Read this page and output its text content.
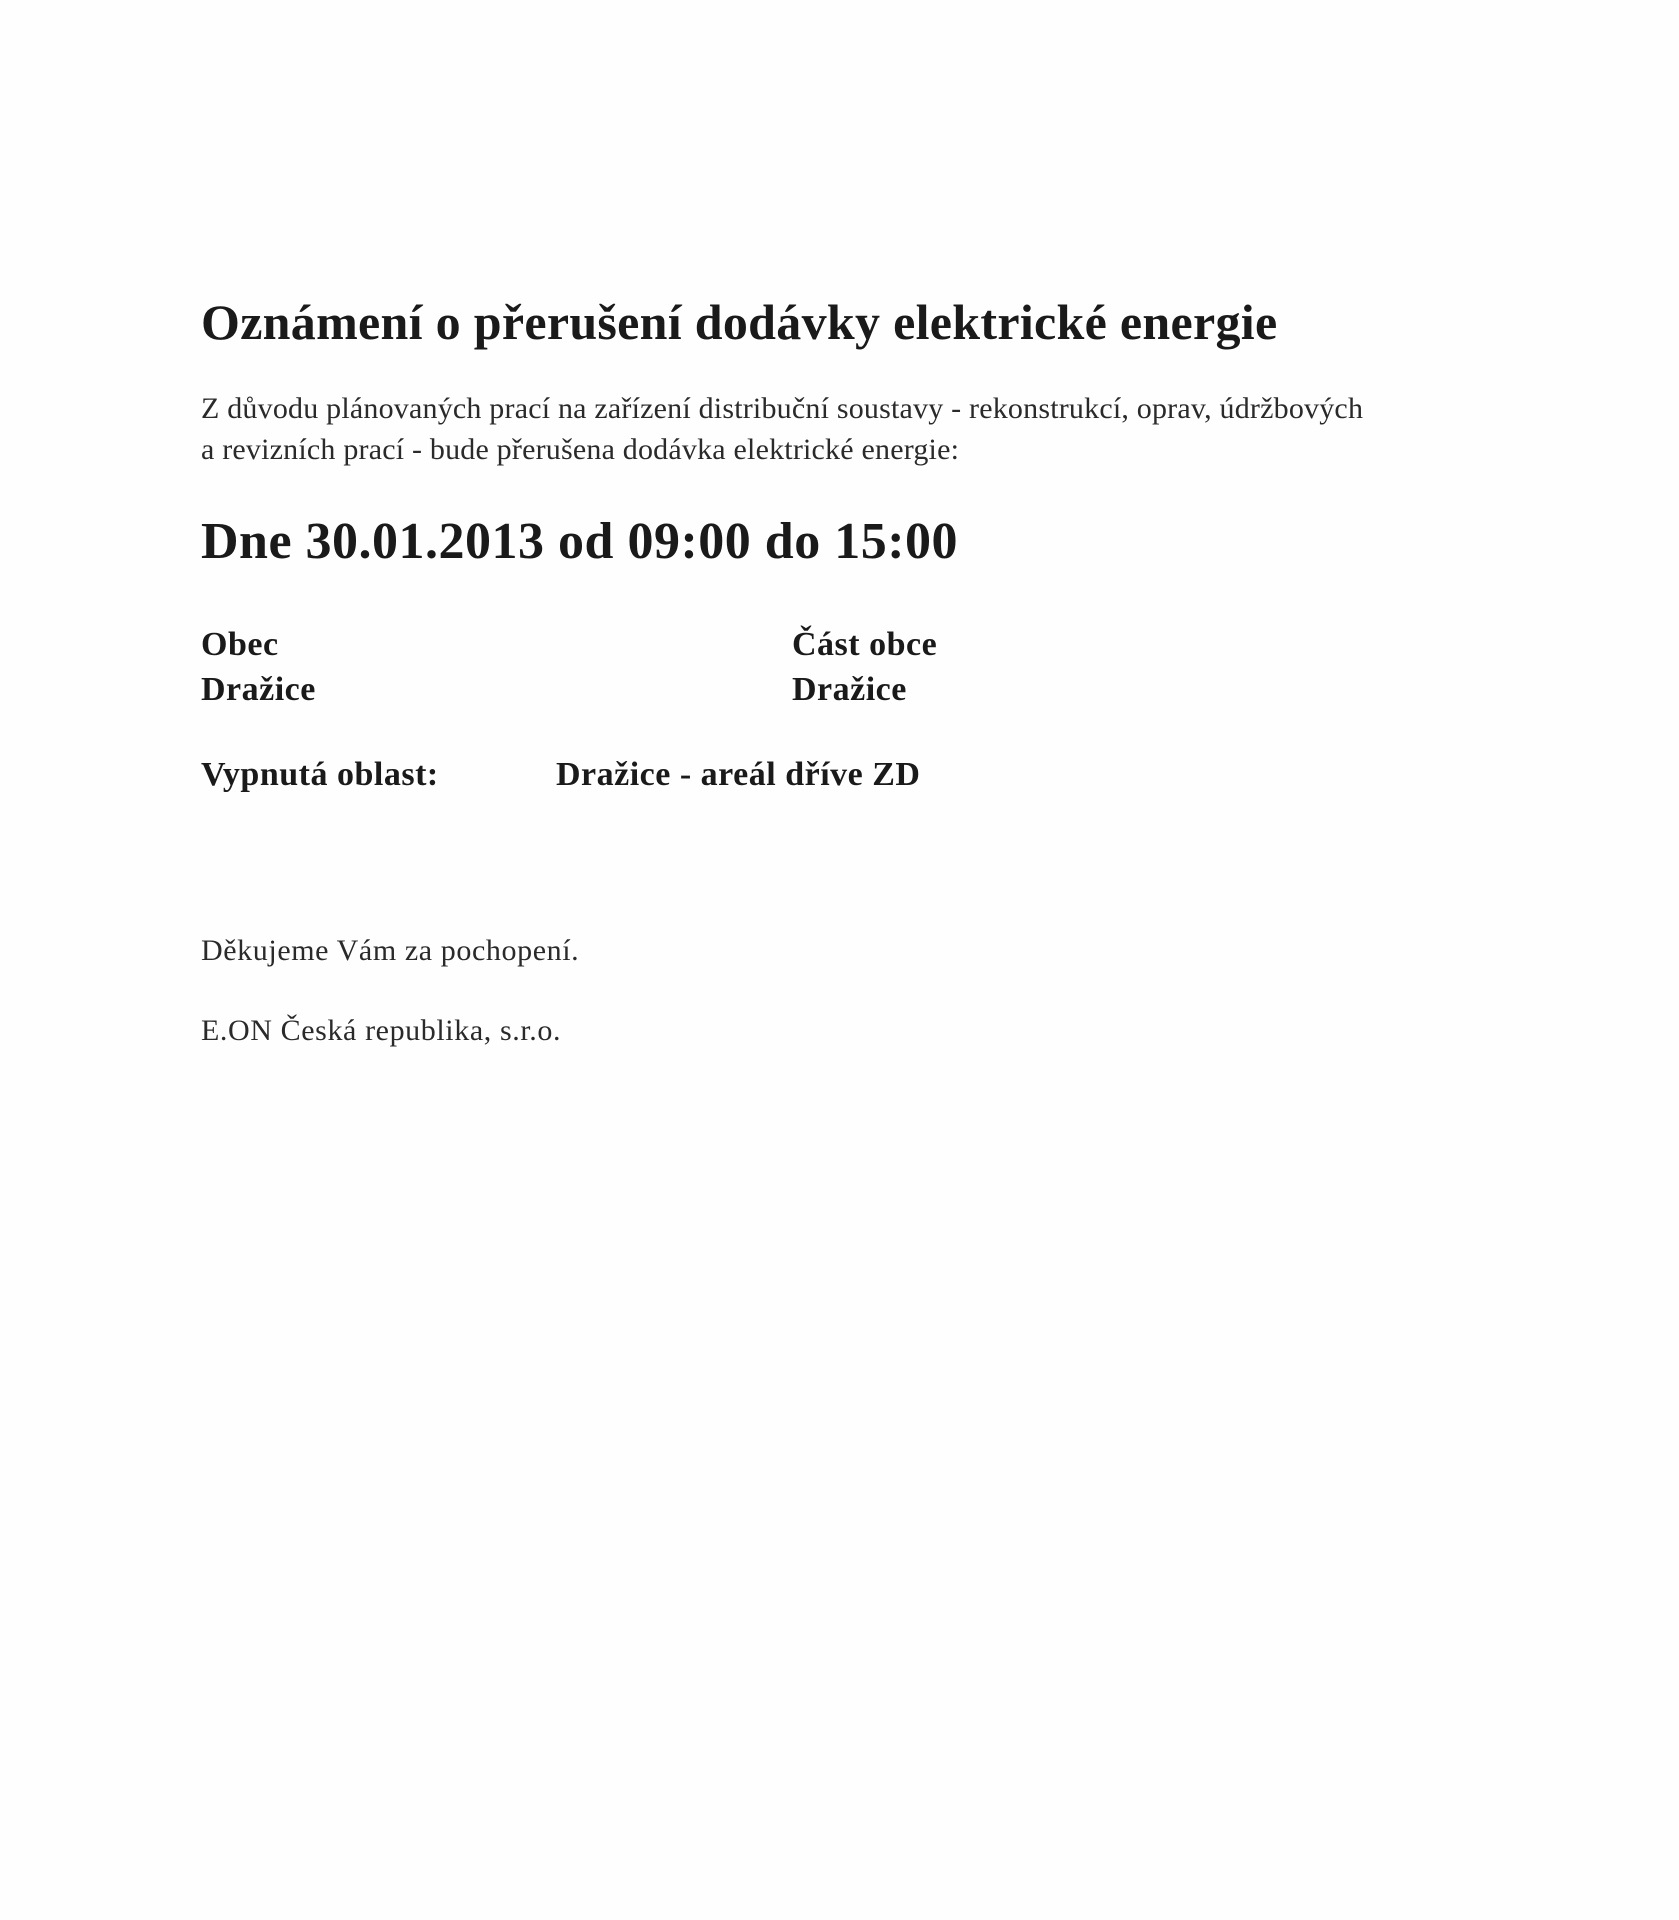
Oznámení o přerušení dodávky elektrické energie
Z důvodu plánovaných prací na zařízení distribuční soustavy - rekonstrukcí, oprav, údržbových
a revizních prací - bude přerušena dodávka elektrické energie:
Dne 30.01.2013 od 09:00 do 15:00
Obec
Dražice
Část obce
Dražice
Vypnutá oblast:	Dražice - areál dříve ZD
Děkujeme Vám za pochopení.
E.ON Česká republika, s.r.o.
